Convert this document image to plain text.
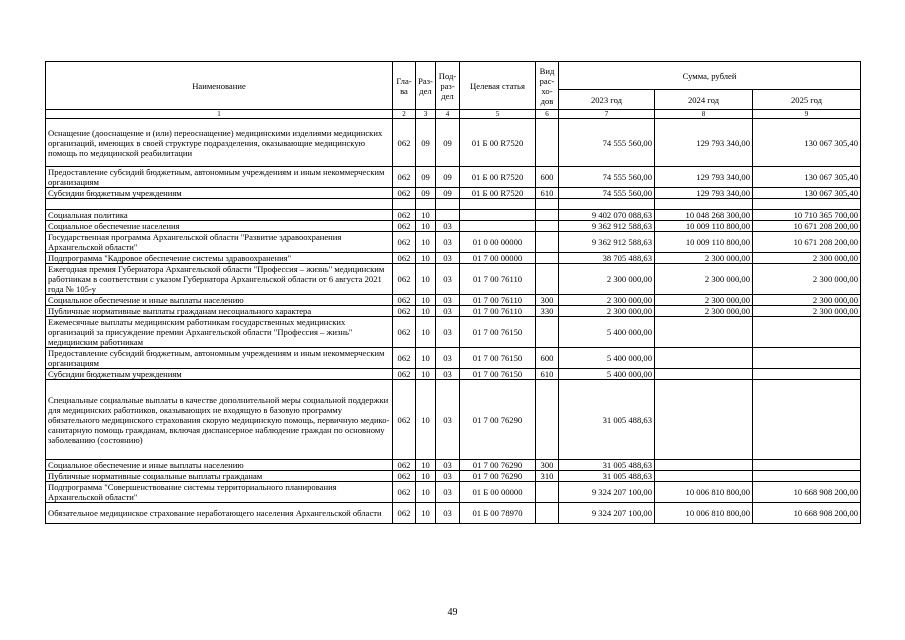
Наименование	Гла- ва	Раз- дел	Под- раз- дел	Целевая статья	Вид рас- хо- дов	Сумма, рублей		
						2023 год	2024 год	2025 год
1	2	3	4	5	6	7	8	9
Оснащение (дооснащение и (или) переоснащение) медицинскими изделиями медицинских организаций, имеющих в своей структуре подразделения, оказывающие медицинскую помощь по медицинской реабилитации	062	09	09	01 Б 00 R7520		74 555 560,00	129 793 340,00	130 067 305,40
Предоставление субсидий бюджетным, автономным учреждениям и иным некоммерческим организациям	062	09	09	01 Б 00 R7520	600	74 555 560,00	129 793 340,00	130 067 305,40
Субсидии бюджетным учреждениям	062	09	09	01 Б 00 R7520	610	74 555 560,00	129 793 340,00	130 067 305,40

Социальная политика	062	10				9 402 070 088,63	10 048 268 300,00	10 710 365 700,00
Социальное обеспечение населения	062	10	03			9 362 912 588,63	10 009 110 800,00	10 671 208 200,00
Государственная программа Архангельской области "Развитие здравоохранения Архангельской области"	062	10	03	01 0 00 00000		9 362 912 588,63	10 009 110 800,00	10 671 208 200,00
Подпрограмма "Кадровое обеспечение системы здравоохранения"	062	10	03	01 7 00 00000		38 705 488,63	2 300 000,00	2 300 000,00
Ежегодная премия Губернатора Архангельской области "Профессия – жизнь" медицинским работникам в соответствии с указом Губернатора Архангельской области от 6 августа 2021 года № 105-у	062	10	03	01 7 00 76110		2 300 000,00	2 300 000,00	2 300 000,00
Социальное обеспечение и иные выплаты населению	062	10	03	01 7 00 76110	300	2 300 000,00	2 300 000,00	2 300 000,00
Публичные нормативные выплаты гражданам несоциального характера	062	10	03	01 7 00 76110	330	2 300 000,00	2 300 000,00	2 300 000,00
Ежемесячные выплаты медицинским работникам государственных медицинских организаций за присуждение премии Архангельской области "Профессия – жизнь" медицинским работникам	062	10	03	01 7 00 76150		5 400 000,00		
Предоставление субсидий бюджетным, автономным учреждениям и иным некоммерческим организациям	062	10	03	01 7 00 76150	600	5 400 000,00		
Субсидии бюджетным учреждениям	062	10	03	01 7 00 76150	610	5 400 000,00		
Специальные социальные выплаты в качестве дополнительной меры социальной поддержки для медицинских работников, оказывающих не входящую в базовую программу обязательного медицинского страхования скорую медицинскую помощь, первичную медико-санитарную помощь гражданам, включая диспансерное наблюдение граждан по основному заболеванию (состоянию)	062	10	03	01 7 00 76290		31 005 488,63		
Социальное обеспечение и иные выплаты населению	062	10	03	01 7 00 76290	300	31 005 488,63		
Публичные нормативные социальные выплаты гражданам	062	10	03	01 7 00 76290	310	31 005 488,63		
Подпрограмма "Совершенствование системы территориального планирования Архангельской области"	062	10	03	01 Б 00 00000		9 324 207 100,00	10 006 810 800,00	10 668 908 200,00
Обязательное медицинское страхование неработающего населения Архангельской области	062	10	03	01 Б 00 78970		9 324 207 100,00	10 006 810 800,00	10 668 908 200,00
49
